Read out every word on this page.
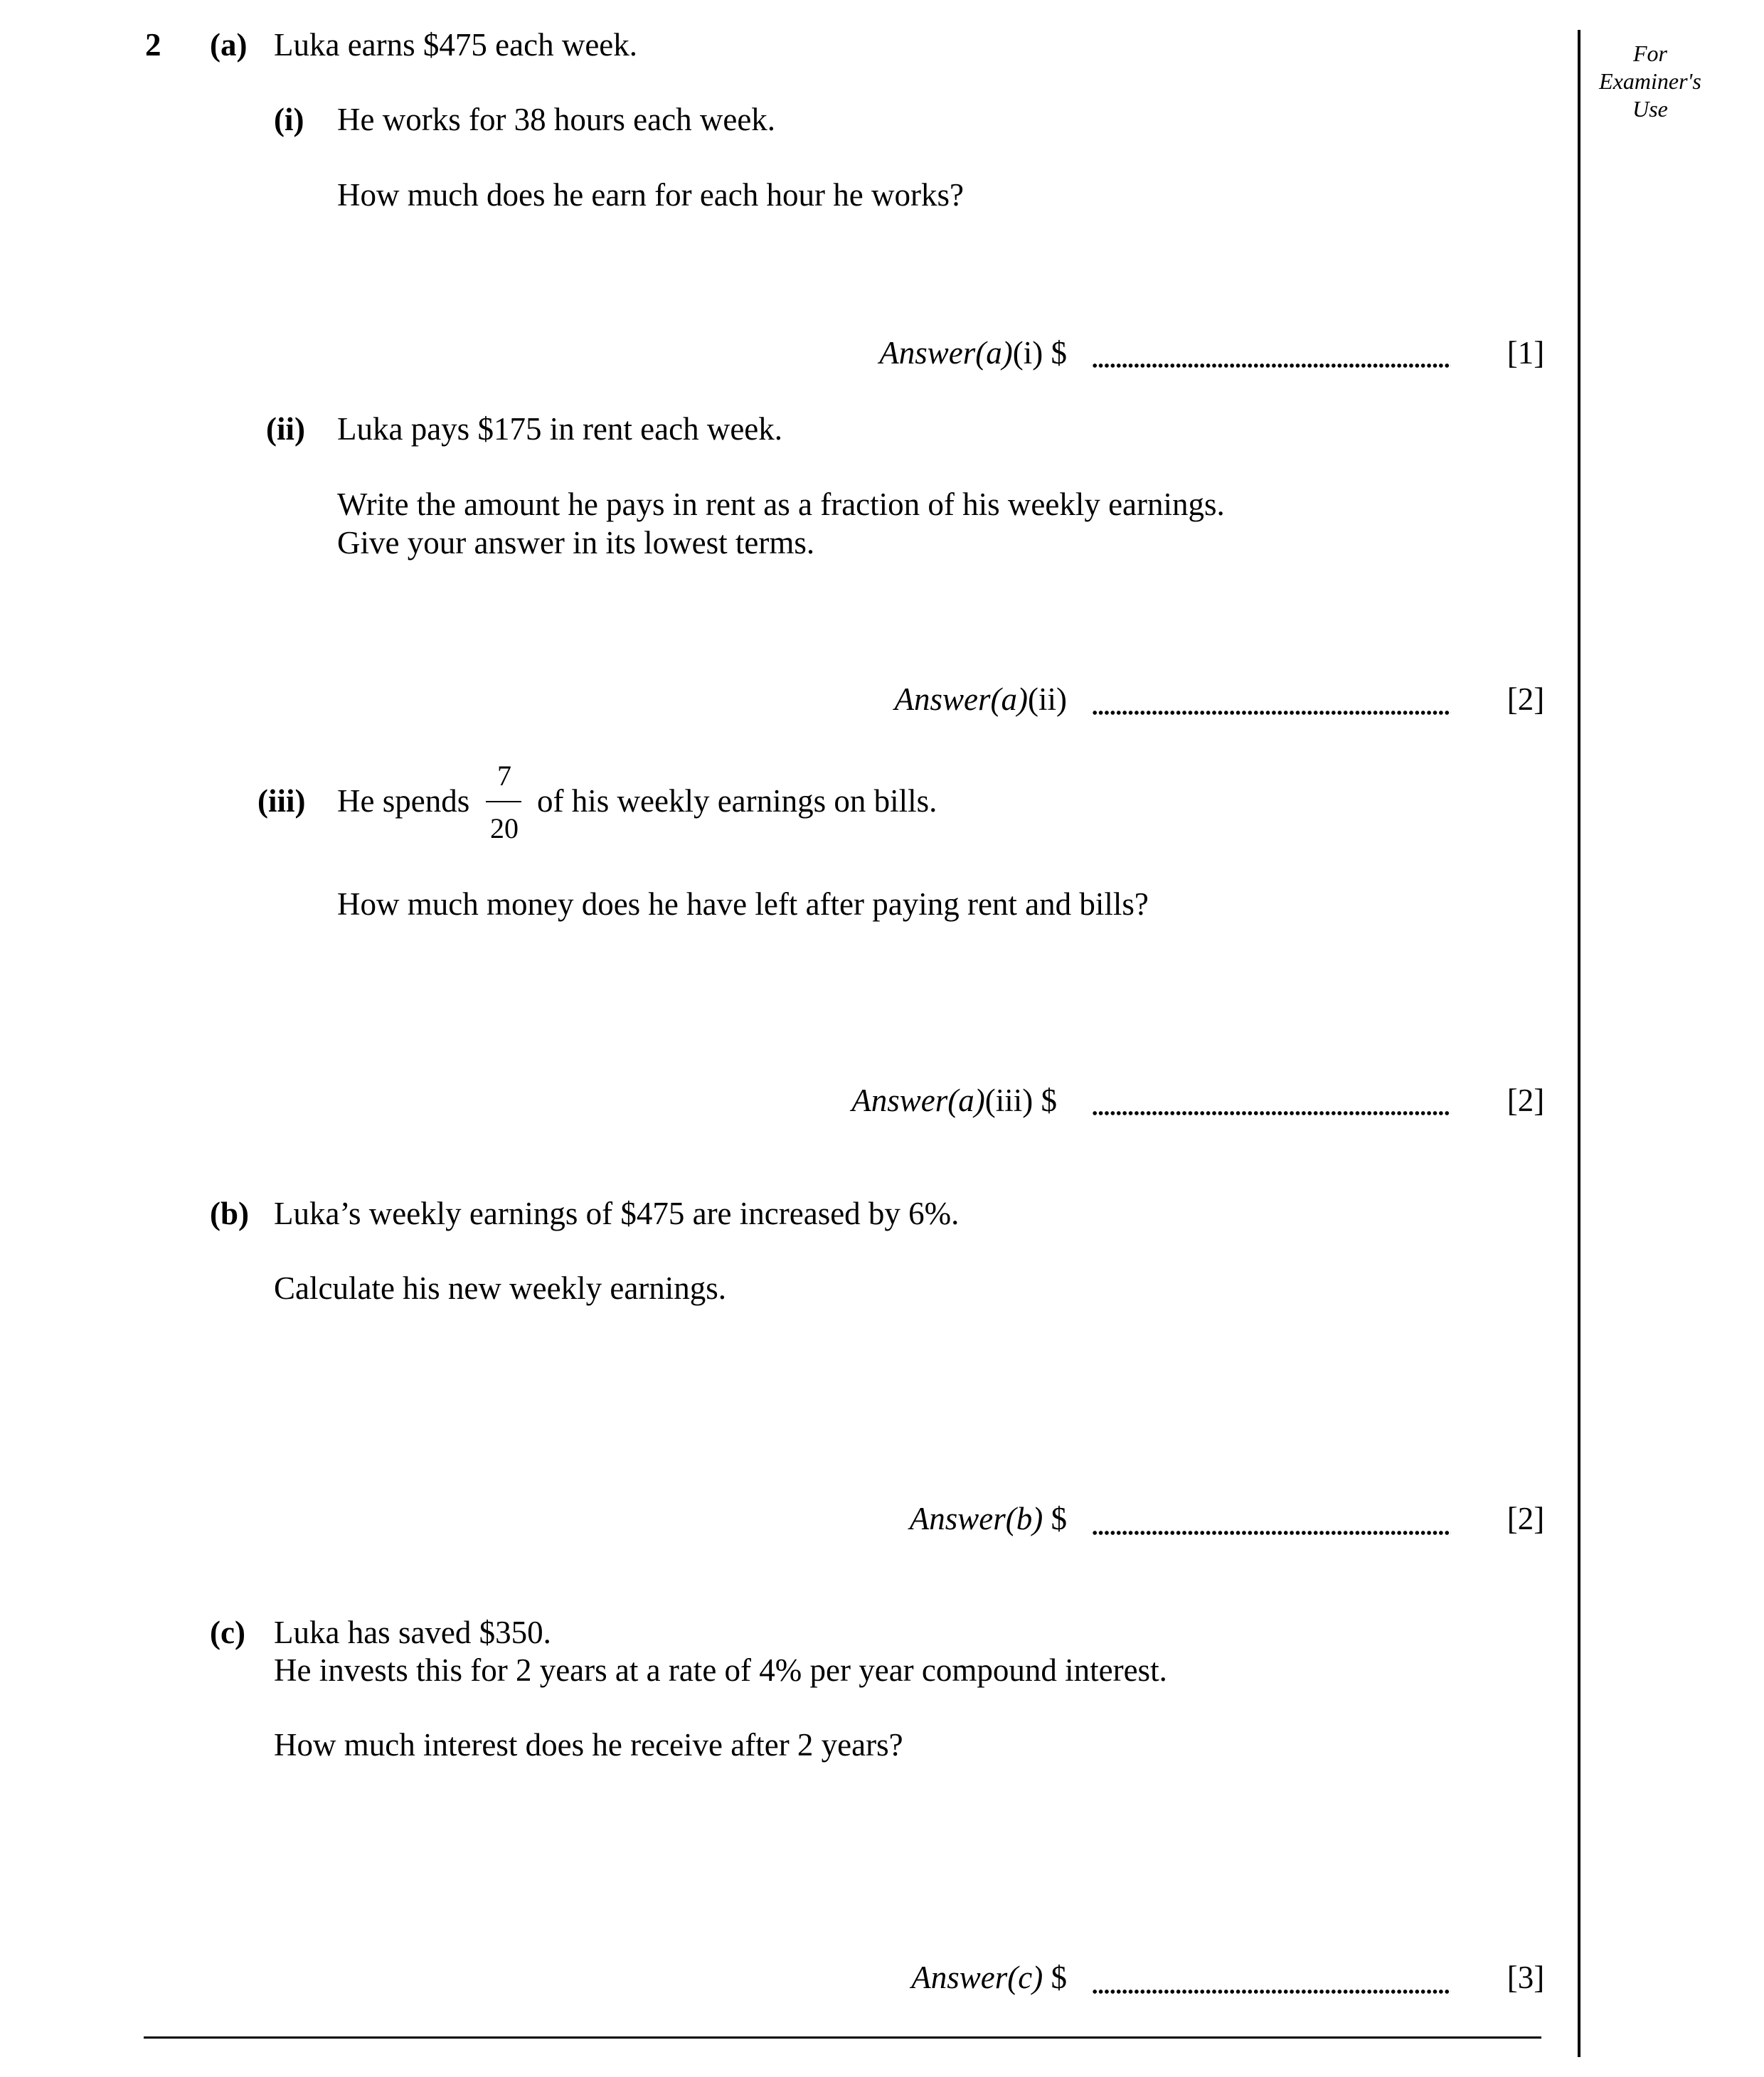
For
Examiner's
Use
2 (a) Luka earns $475 each week.
(i) He works for 38 hours each week.
How much does he earn for each hour he works?
Answer(a)(i) $	[1]
(ii) Luka pays $175 in rent each week.
Write the amount he pays in rent as a fraction of his weekly earnings.
Give your answer in its lowest terms.
Answer(a)(ii)	[2]
(iii) He spends
7
20
of his weekly earnings on bills.
How much money does he have left after paying rent and bills?
Answer(a)(iii) $	[2]
(b) Luka’s weekly earnings of $475 are increased by 6%.
Calculate his new weekly earnings.
Answer(b) $	[2]
(c) Luka has saved $350.
He invests this for 2 years at a rate of 4% per year compound interest.
How much interest does he receive after 2 years?
Answer(c) $	[3]
